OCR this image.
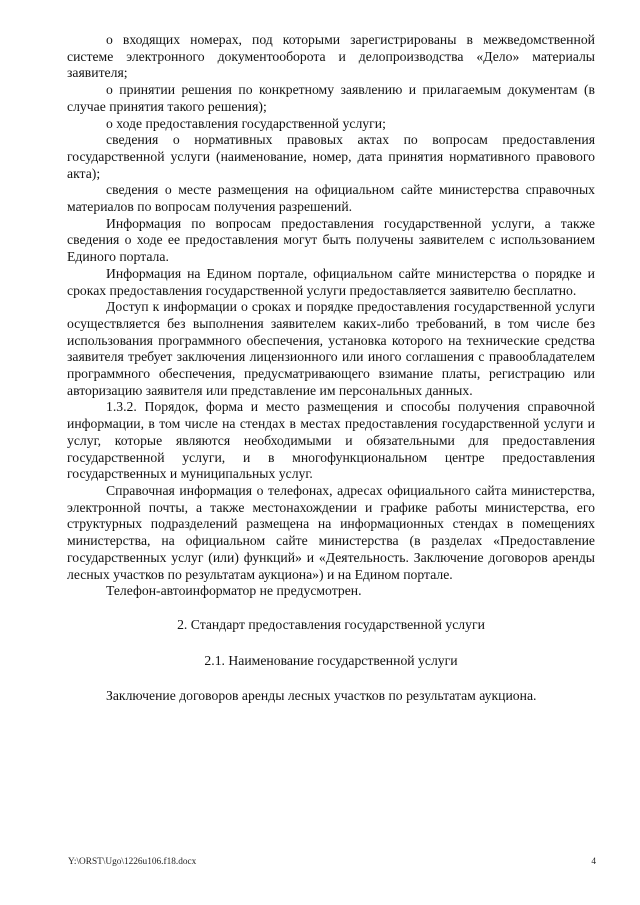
о входящих номерах, под которыми зарегистрированы в межведомственной системе электронного документооборота и делопроизводства «Дело» материалы заявителя;

о принятии решения по конкретному заявлению и прилагаемым документам (в случае принятия такого решения);

о ходе предоставления государственной услуги;

сведения о нормативных правовых актах по вопросам предоставления государственной услуги (наименование, номер, дата принятия нормативного правового акта);

сведения о месте размещения на официальном сайте министерства справочных материалов по вопросам получения разрешений.

Информация по вопросам предоставления государственной услуги, а также сведения о ходе ее предоставления могут быть получены заявителем с использованием Единого портала.

Информация на Едином портале, официальном сайте министерства о порядке и сроках предоставления государственной услуги предоставляется заявителю бесплатно.

Доступ к информации о сроках и порядке предоставления государственной услуги осуществляется без выполнения заявителем каких-либо требований, в том числе без использования программного обеспечения, установка которого на технические средства заявителя требует заключения лицензионного или иного соглашения с правообладателем программного обеспечения, предусматривающего взимание платы, регистрацию или авторизацию заявителя или представление им персональных данных.

1.3.2. Порядок, форма и место размещения и способы получения справочной информации, в том числе на стендах в местах предоставления государственной услуги и услуг, которые являются необходимыми и обязательными для предоставления государственной услуги, и в многофункциональном центре предоставления государственных и муниципальных услуг.

Справочная информация о телефонах, адресах официального сайта министерства, электронной почты, а также местонахождении и графике работы министерства, его структурных подразделений размещена на информационных стендах в помещениях министерства, на официальном сайте министерства (в разделах «Предоставление государственных услуг (или) функций» и «Деятельность. Заключение договоров аренды лесных участков по результатам аукциона») и на Едином портале.

Телефон-автоинформатор не предусмотрен.

2. Стандарт предоставления государственной услуги

2.1. Наименование государственной услуги

Заключение договоров аренды лесных участков по результатам аукциона.

Y:\ORST\Ugo\1226u106.f18.docx	4
